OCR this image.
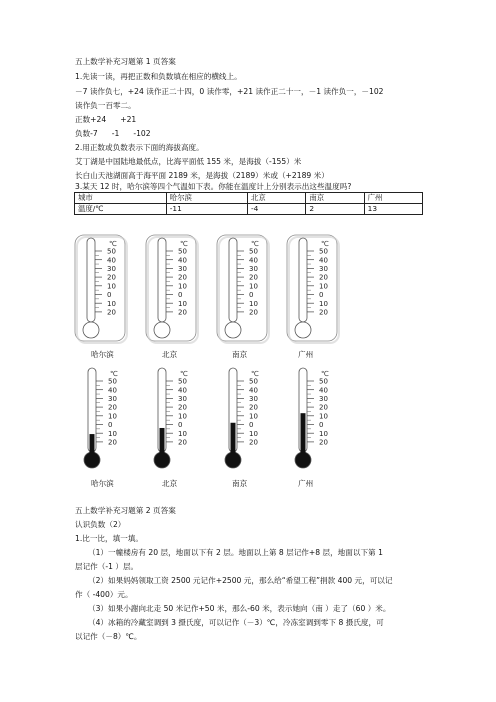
五上数学补充习题第 1 页答案
1.先读一读，再把正数和负数填在相应的横线上。
－7 读作负七，+24 读作正二十四，0 读作零，+21 读作正二十一，－1 读作负一，－102
读作负一百零二。
正数+24 +21
负数-7 -1 -102
2.用正数或负数表示下面的海拔高度。
艾丁湖是中国陆地最低点，比海平面低 155 米，是海拔（-155）米
长白山天池湖面高于海平面 2189 米，是海拔（2189）米或（+2189 米）
3.某天 12 时，哈尔滨等四个气温如下表。你能在温度计上分别表示出这些温度吗?
城市	哈尔滨	北京	南京	广州
温度/℃	-11	-4	2	13
℃
50
40
30
20
10
0
10
20
℃
50
40
30
20
10
0
10
20
℃
50
40
30
20
10
0
10
20
℃
50
40
30
20
10
0
10
20
哈尔滨	北京	南京	广州
℃
50
40
30
20
10
0
10
20
℃
50
40
30
20
10
0
10
20
℃
50
40
30
20
10
0
10
20
℃
50
40
30
20
10
0
10
20
哈尔滨	北京	南京	广州
五上数学补充习题第 2 页答案
认识负数（2）
1.比一比，填一填。
（1）一幢楼房有 20 层，地面以下有 2 层。地面以上第 8 层记作+8 层，地面以下第 1
层记作（-1 ）层。
（2）如果妈妈领取工资 2500 元记作+2500 元，那么给“希望工程”捐款 400 元，可以记
作（ -400）元。
（3）如果小謝向北走 50 米记作+50 米，那么-60 米，表示她向（南 ）走了（60 ）米。
（4）冰箱的冷藏室调到 3 摄氏度，可以记作（－3）℃，冷冻室调到零下 8 摄氏度，可
以记作（－8）℃。
